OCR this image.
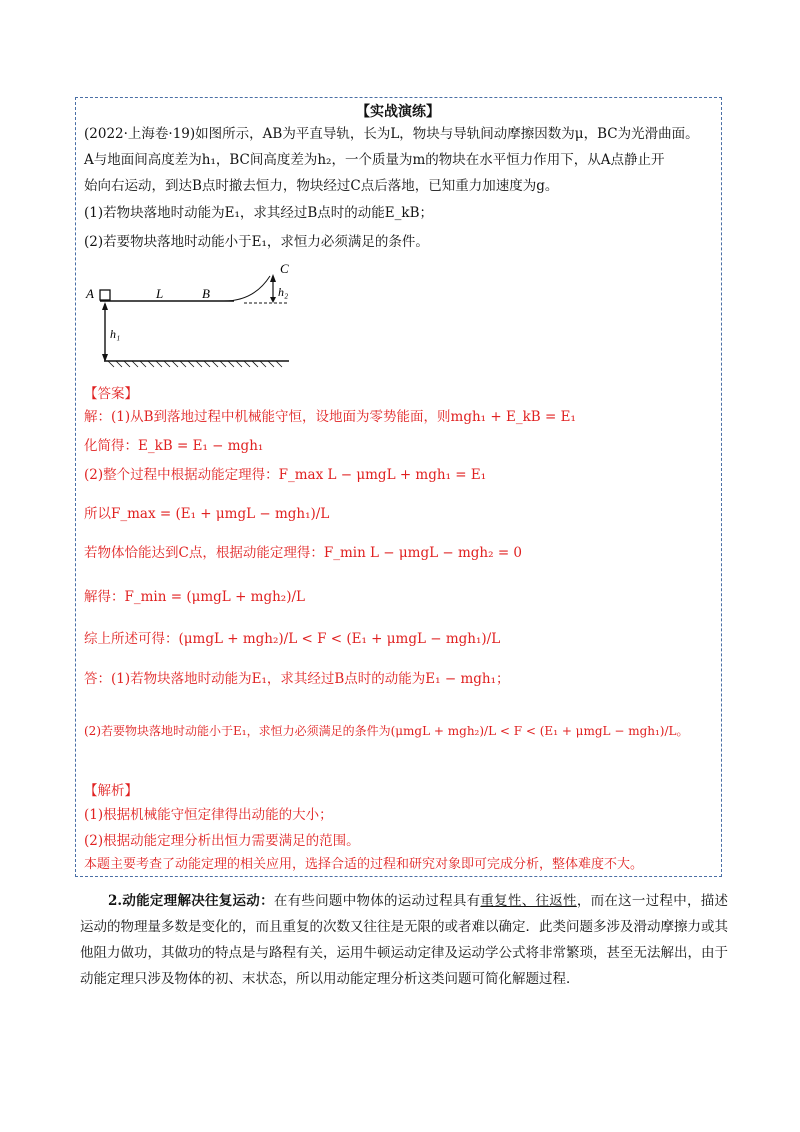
【实战演练】
(2022·上海卷·19)如图所示，AB为平直导轨，长为L，物块与导轨间动摩擦因数为μ，BC为光滑曲面。
A与地面间高度差为h₁，BC间高度差为h₂，一个质量为m的物块在水平恒力作用下，从A点静止开
始向右运动，到达B点时撤去恒力，物块经过C点后落地，已知重力加速度为g。
(1)若物块落地时动能为E₁，求其经过B点时的动能E_kB；
(2)若要物块落地时动能小于E₁，求恒力必须满足的条件。
A	L	B
C
h₂
h₁
【答案】
解：(1)从B到落地过程中机械能守恒，设地面为零势能面，则mgh₁ + E_kB = E₁
化简得：E_kB = E₁ − mgh₁
(2)整个过程中根据动能定理得：F_max L − μmgL + mgh₁ = E₁
所以F_max = (E₁ + μmgL − mgh₁)/L
若物体恰能达到C点，根据动能定理得：F_min L − μmgL − mgh₂ = 0
解得：F_min = (μmgL + mgh₂)/L
综上所述可得：(μmgL + mgh₂)/L < F < (E₁ + μmgL − mgh₁)/L
答：(1)若物块落地时动能为E₁，求其经过B点时的动能为E₁ − mgh₁；
(2)若要物块落地时动能小于E₁，求恒力必须满足的条件为(μmgL + mgh₂)/L < F < (E₁ + μmgL − mgh₁)/L。
【解析】
(1)根据机械能守恒定律得出动能的大小；
(2)根据动能定理分析出恒力需要满足的范围。
本题主要考查了动能定理的相关应用，选择合适的过程和研究对象即可完成分析，整体难度不大。
2.动能定理解决往复运动：在有些问题中物体的运动过程具有重复性、往返性，而在这一过程中，描述运动的物理量多数是变化的，而且重复的次数又往往是无限的或者难以确定．此类问题多涉及滑动摩擦力或其他阻力做功，其做功的特点是与路程有关，运用牛顿运动定律及运动学公式将非常繁琐，甚至无法解出，由于动能定理只涉及物体的初、末状态，所以用动能定理分析这类问题可简化解题过程．
